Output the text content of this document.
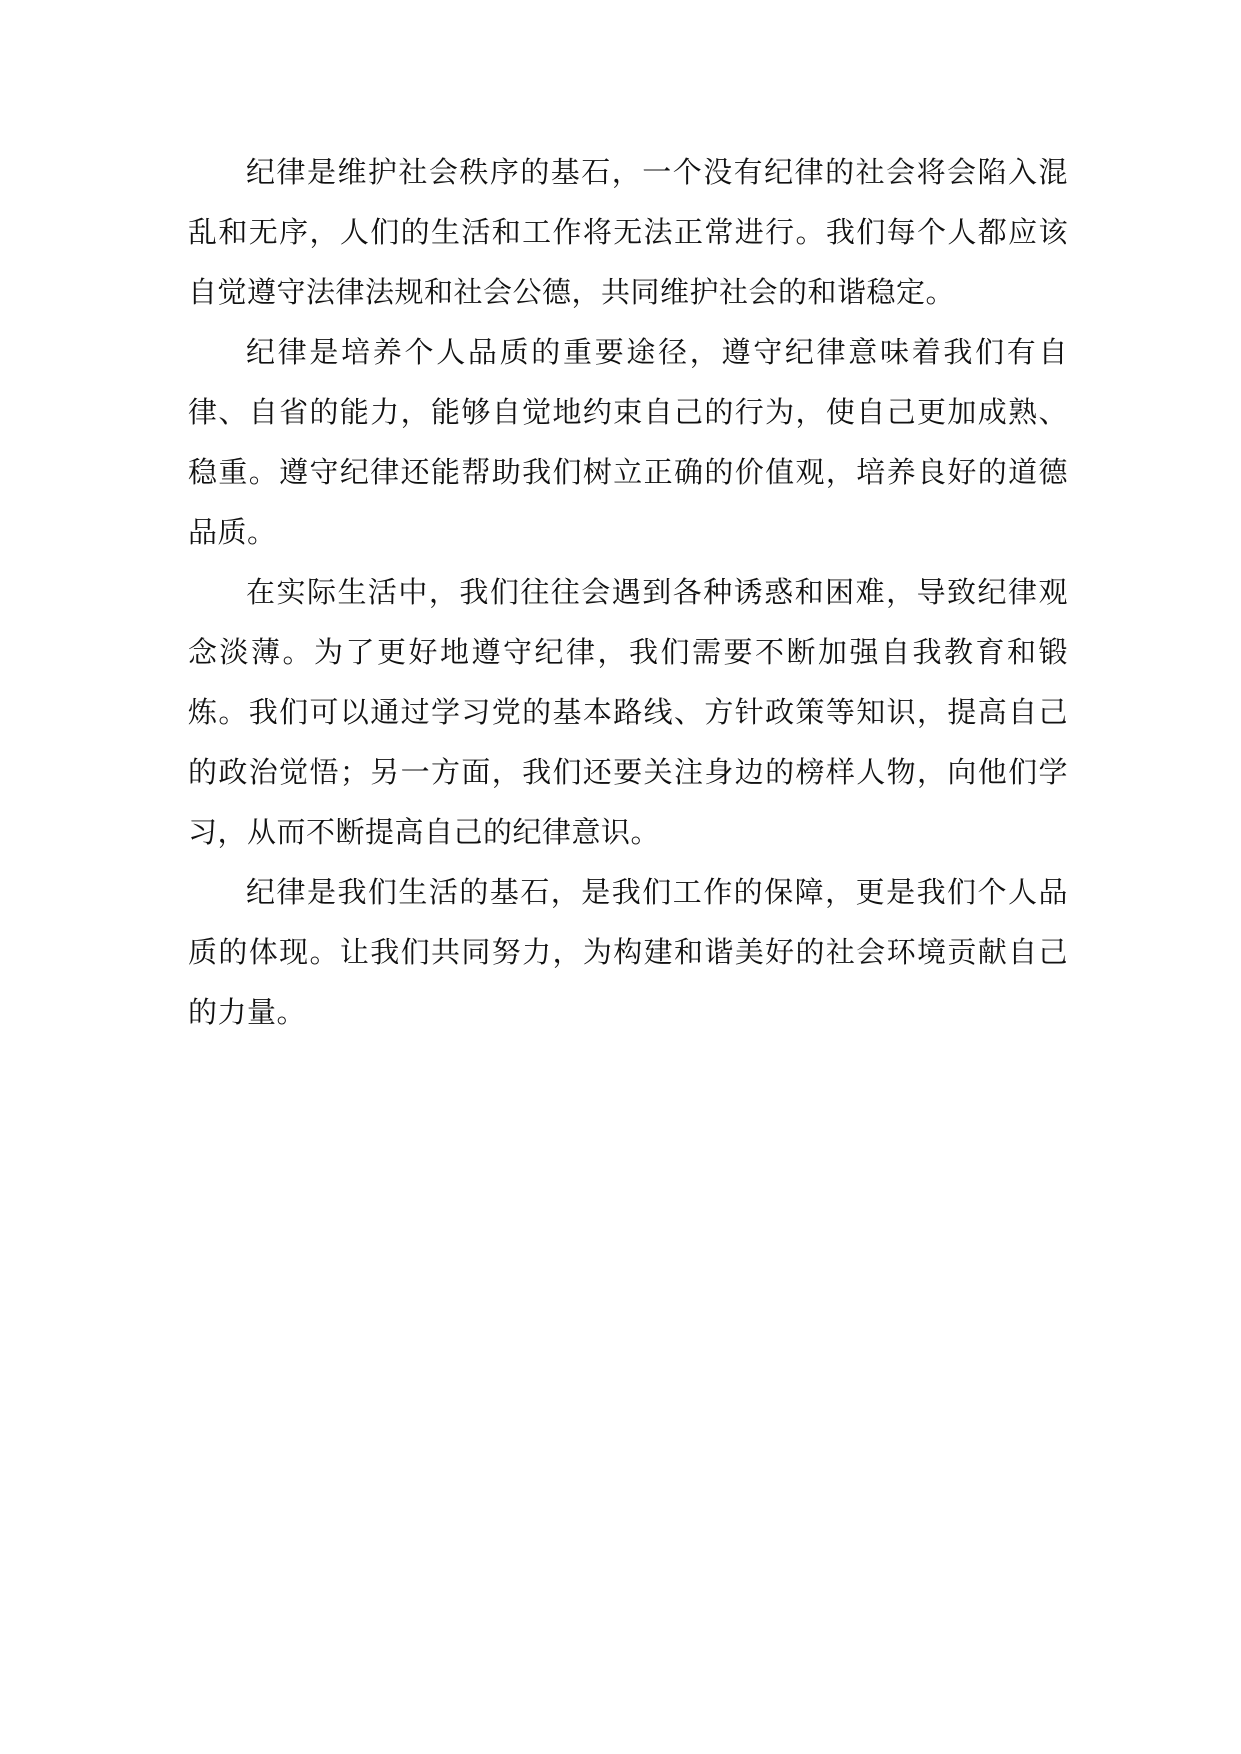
纪律是维护社会秩序的基石，一个没有纪律的社会将会陷入混乱和无序，人们的生活和工作将无法正常进行。我们每个人都应该自觉遵守法律法规和社会公德，共同维护社会的和谐稳定。

纪律是培养个人品质的重要途径，遵守纪律意味着我们有自律、自省的能力，能够自觉地约束自己的行为，使自己更加成熟、稳重。遵守纪律还能帮助我们树立正确的价值观，培养良好的道德品质。

在实际生活中，我们往往会遇到各种诱惑和困难，导致纪律观念淡薄。为了更好地遵守纪律，我们需要不断加强自我教育和锻炼。我们可以通过学习党的基本路线、方针政策等知识，提高自己的政治觉悟；另一方面，我们还要关注身边的榜样人物，向他们学习，从而不断提高自己的纪律意识。

纪律是我们生活的基石，是我们工作的保障，更是我们个人品质的体现。让我们共同努力，为构建和谐美好的社会环境贡献自己的力量。
